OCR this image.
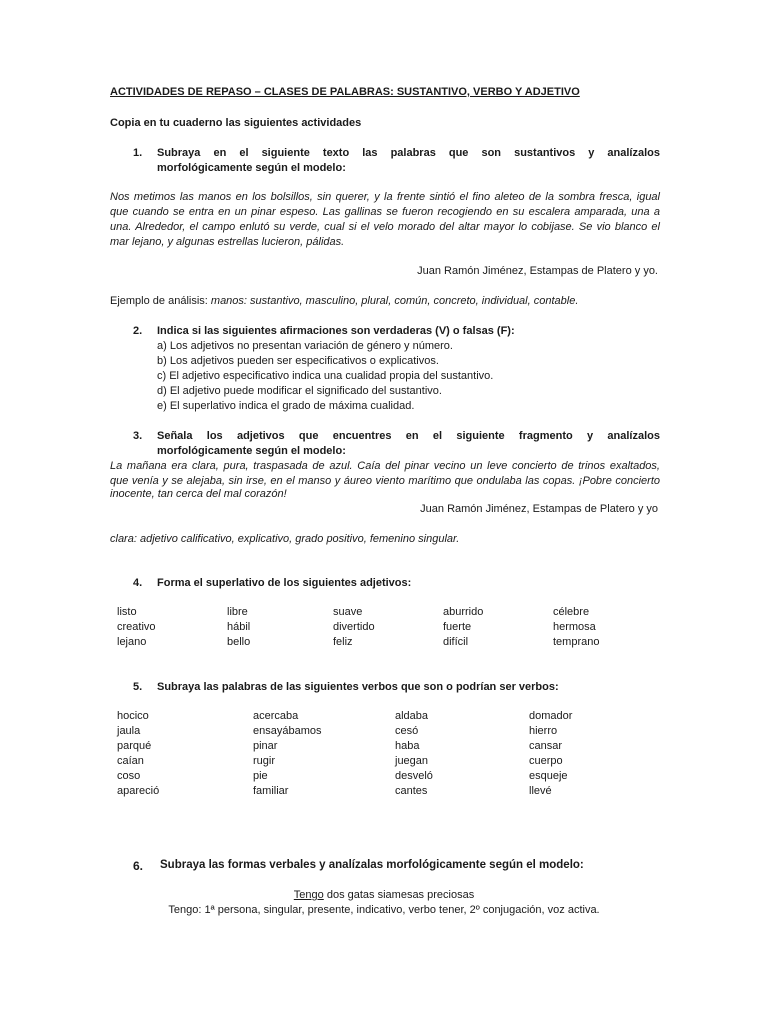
ACTIVIDADES DE REPASO – CLASES DE PALABRAS: SUSTANTIVO, VERBO Y ADJETIVO
Copia en tu cuaderno las siguientes actividades
1. Subraya en el siguiente texto las palabras que son sustantivos y analízalos
morfológicamente según el modelo:
Nos metimos las manos en los bolsillos, sin querer, y la frente sintió el fino aleteo de la sombra fresca, igual
que cuando se entra en un pinar espeso. Las gallinas se fueron recogiendo en su escalera amparada, una a
una. Alrededor, el campo enlutó su verde, cual si el velo morado del altar mayor lo cobijase. Se vio blanco el
mar lejano, y algunas estrellas lucieron, pálidas.
Juan Ramón Jiménez, Estampas de Platero y yo.
Ejemplo de análisis: manos: sustantivo, masculino, plural, común, concreto, individual, contable.
2. Indica si las siguientes afirmaciones son verdaderas (V) o falsas (F):
a) Los adjetivos no presentan variación de género y número.
b) Los adjetivos pueden ser especificativos o explicativos.
c) El adjetivo especificativo indica una cualidad propia del sustantivo.
d) El adjetivo puede modificar el significado del sustantivo.
e) El superlativo indica el grado de máxima cualidad.
3. Señala los adjetivos que encuentres en el siguiente fragmento y analízalos
morfológicamente según el modelo:
La mañana era clara, pura, traspasada de azul. Caía del pinar vecino un leve concierto de trinos exaltados,
que venía y se alejaba, sin irse, en el manso y áureo viento marítimo que ondulaba las copas. ¡Pobre concierto
inocente, tan cerca del mal corazón!
Juan Ramón Jiménez, Estampas de Platero y yo
clara: adjetivo calificativo, explicativo, grado positivo, femenino singular.
4. Forma el superlativo de los siguientes adjetivos:
listo	libre	suave	aburrido	célebre
creativo	hábil	divertido	fuerte	hermosa
lejano	bello	feliz	difícil	temprano
5. Subraya las palabras de las siguientes verbos que son o podrían ser verbos:
hocico	acercaba	aldaba	domador
jaula	ensayábamos	cesó	hierro
parqué	pinar	haba	cansar
caían	rugir	juegan	cuerpo
coso	pie	desveló	esqueje
apareció	familiar	cantes	llevé
6. Subraya las formas verbales y analízalas morfológicamente según el modelo:
Tengo dos gatas siamesas preciosas
Tengo: 1ª persona, singular, presente, indicativo, verbo tener, 2º conjugación, voz activa.
